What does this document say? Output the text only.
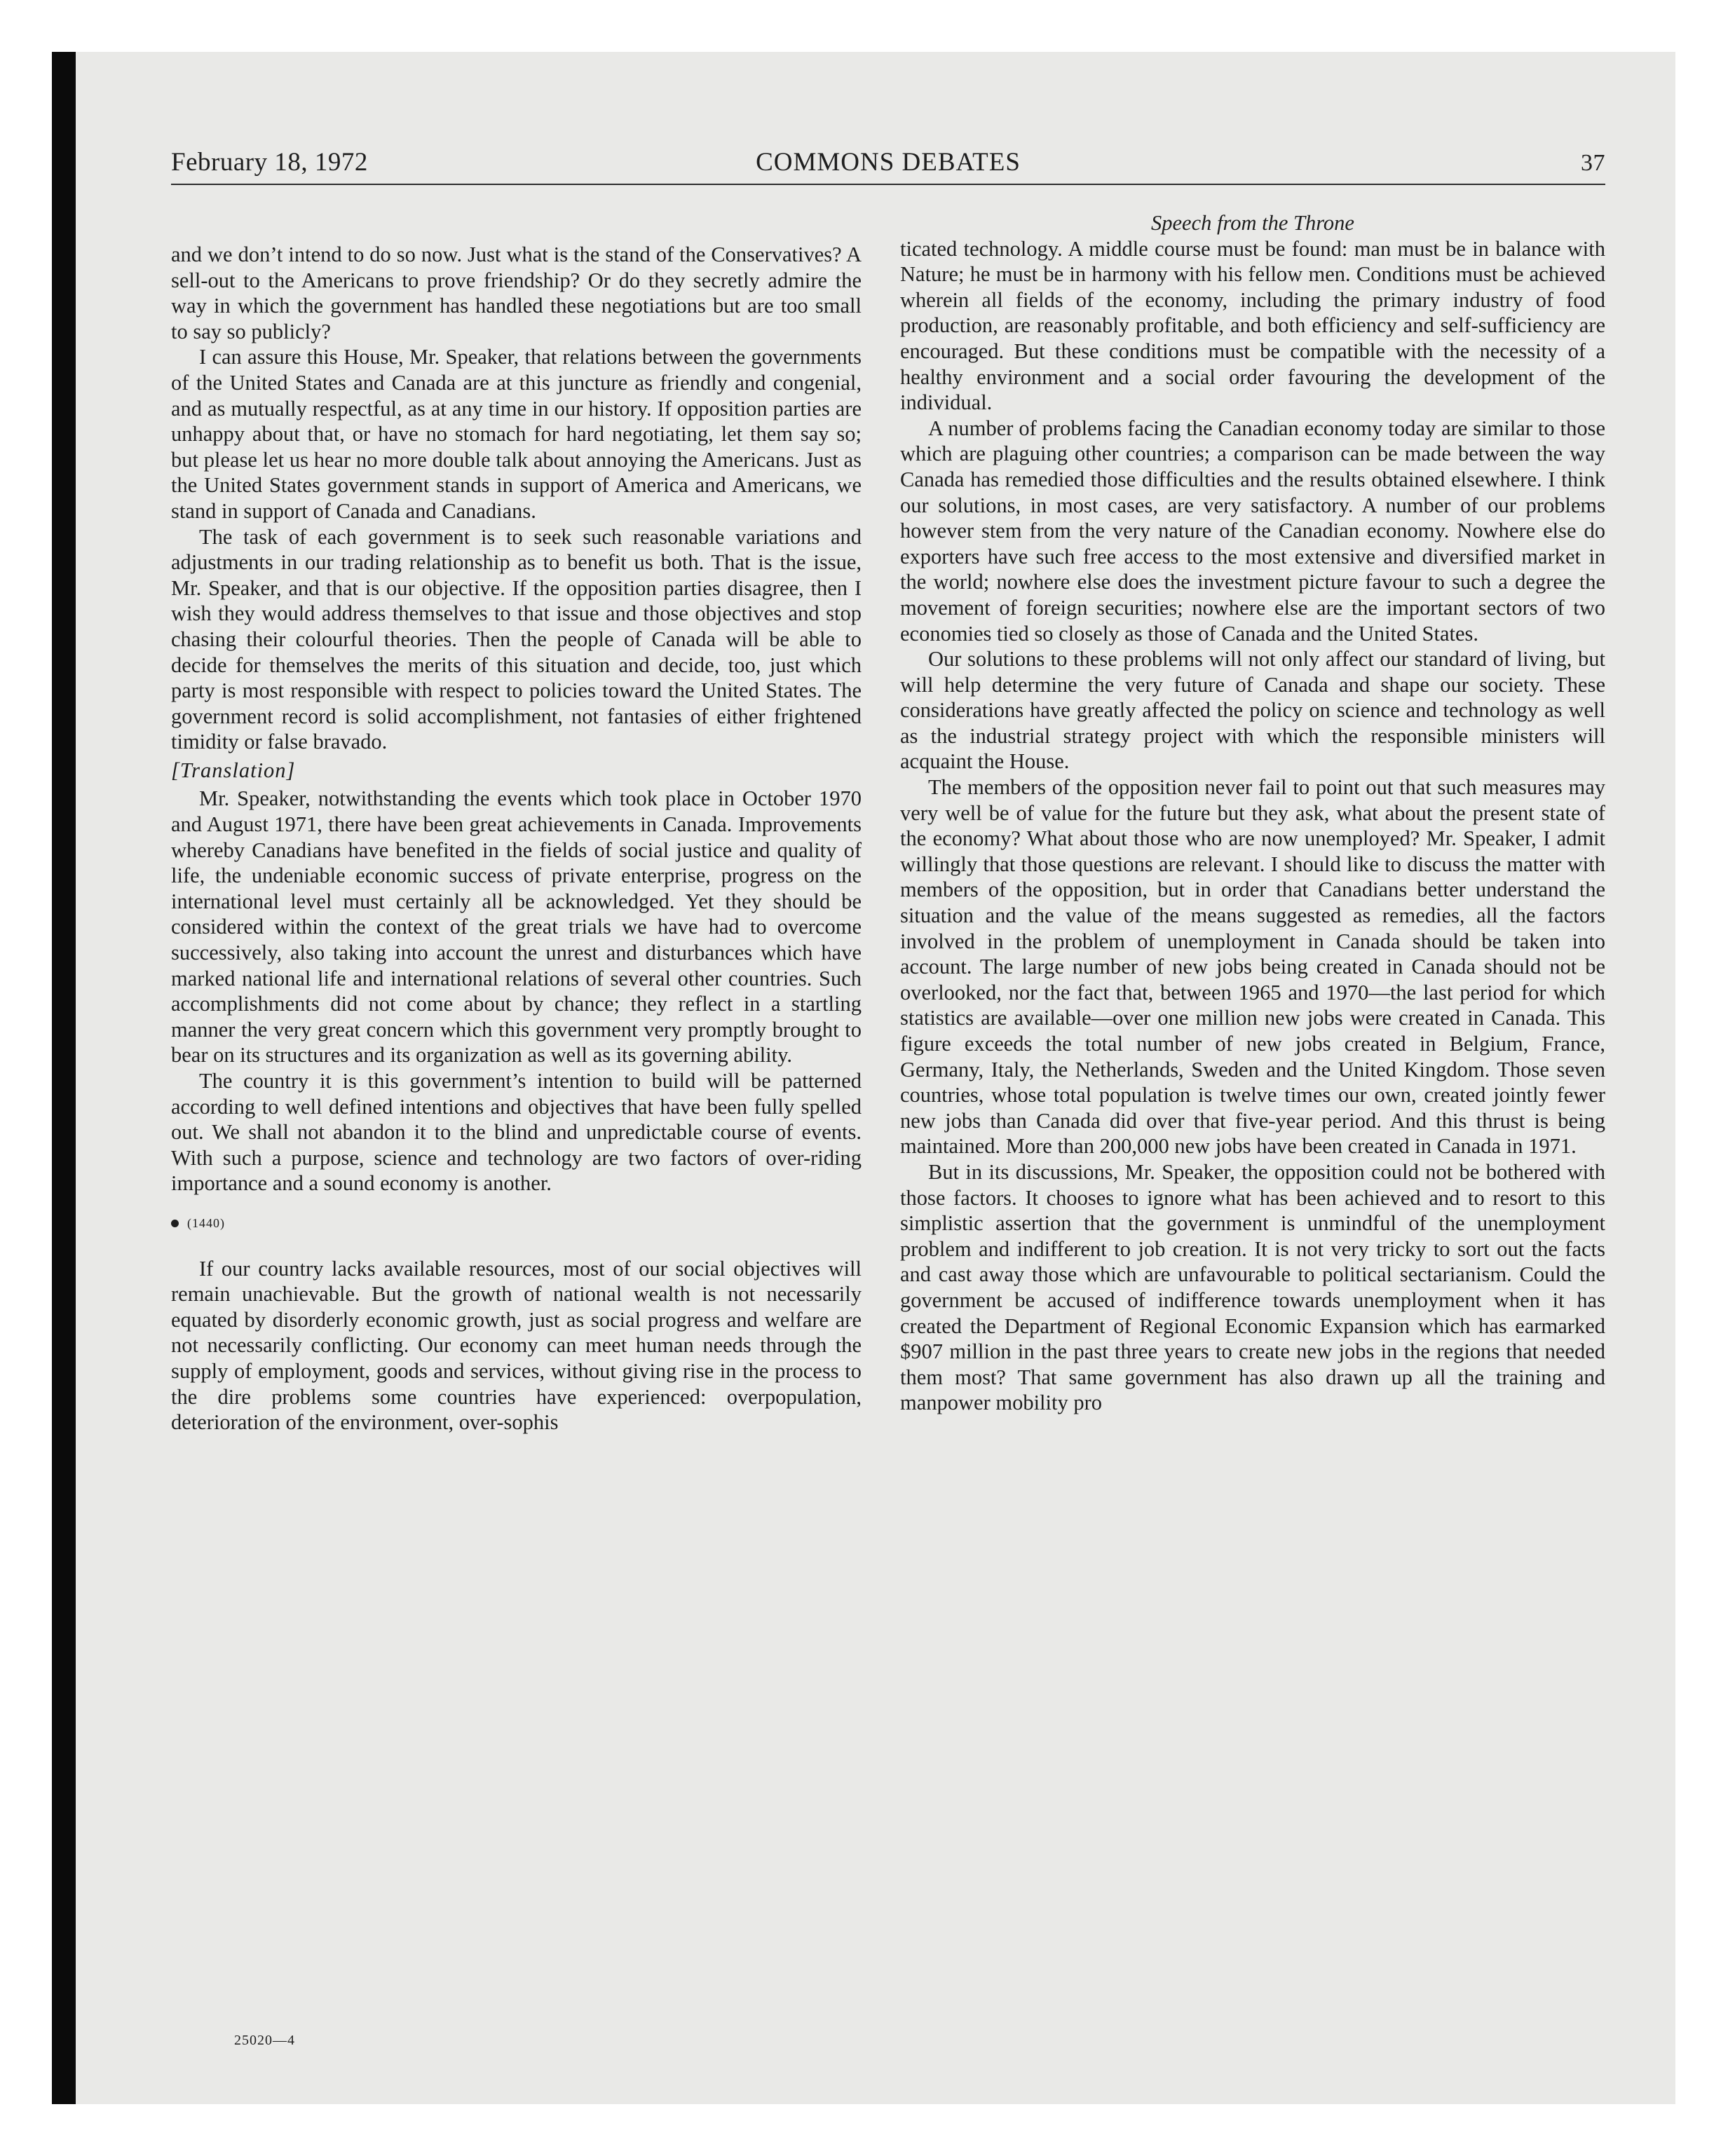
February 18, 1972	COMMONS DEBATES	37

and we don’t intend to do so now. Just what is the stand of the Conservatives? A sell-out to the Americans to prove friendship? Or do they secretly admire the way in which the government has handled these negotiations but are too small to say so publicly?

I can assure this House, Mr. Speaker, that relations between the governments of the United States and Canada are at this juncture as friendly and congenial, and as mutually respectful, as at any time in our history. If opposition parties are unhappy about that, or have no stomach for hard negotiating, let them say so; but please let us hear no more double talk about annoying the Americans. Just as the United States government stands in support of America and Americans, we stand in support of Canada and Canadians.

The task of each government is to seek such reasonable variations and adjustments in our trading relationship as to benefit us both. That is the issue, Mr. Speaker, and that is our objective. If the opposition parties disagree, then I wish they would address themselves to that issue and those objectives and stop chasing their colourful theories. Then the people of Canada will be able to decide for themselves the merits of this situation and decide, too, just which party is most responsible with respect to policies toward the United States. The government record is solid accomplishment, not fantasies of either frightened timidity or false bravado.

[Translation]

Mr. Speaker, notwithstanding the events which took place in October 1970 and August 1971, there have been great achievements in Canada. Improvements whereby Canadians have benefited in the fields of social justice and quality of life, the undeniable economic success of private enterprise, progress on the international level must certainly all be acknowledged. Yet they should be considered within the context of the great trials we have had to overcome successively, also taking into account the unrest and disturbances which have marked national life and international relations of several other countries. Such accomplishments did not come about by chance; they reflect in a startling manner the very great concern which this government very promptly brought to bear on its structures and its organization as well as its governing ability.

The country it is this government’s intention to build will be patterned according to well defined intentions and objectives that have been fully spelled out. We shall not abandon it to the blind and unpredictable course of events. With such a purpose, science and technology are two factors of over-riding importance and a sound economy is another.

(1440)

If our country lacks available resources, most of our social objectives will remain unachievable. But the growth of national wealth is not necessarily equated by disorderly economic growth, just as social progress and welfare are not necessarily conflicting. Our economy can meet human needs through the supply of employment, goods and services, without giving rise in the process to the dire problems some countries have experienced: overpopulation, deterioration of the environment, over-sophis

Speech from the Throne

ticated technology. A middle course must be found: man must be in balance with Nature; he must be in harmony with his fellow men. Conditions must be achieved wherein all fields of the economy, including the primary industry of food production, are reasonably profitable, and both efficiency and self-sufficiency are encouraged. But these conditions must be compatible with the necessity of a healthy environment and a social order favouring the development of the individual.

A number of problems facing the Canadian economy today are similar to those which are plaguing other countries; a comparison can be made between the way Canada has remedied those difficulties and the results obtained elsewhere. I think our solutions, in most cases, are very satisfactory. A number of our problems however stem from the very nature of the Canadian economy. Nowhere else do exporters have such free access to the most extensive and diversified market in the world; nowhere else does the investment picture favour to such a degree the movement of foreign securities; nowhere else are the important sectors of two economies tied so closely as those of Canada and the United States.

Our solutions to these problems will not only affect our standard of living, but will help determine the very future of Canada and shape our society. These considerations have greatly affected the policy on science and technology as well as the industrial strategy project with which the responsible ministers will acquaint the House.

The members of the opposition never fail to point out that such measures may very well be of value for the future but they ask, what about the present state of the economy? What about those who are now unemployed? Mr. Speaker, I admit willingly that those questions are relevant. I should like to discuss the matter with members of the opposition, but in order that Canadians better understand the situation and the value of the means suggested as remedies, all the factors involved in the problem of unemployment in Canada should be taken into account. The large number of new jobs being created in Canada should not be overlooked, nor the fact that, between 1965 and 1970—the last period for which statistics are available—over one million new jobs were created in Canada. This figure exceeds the total number of new jobs created in Belgium, France, Germany, Italy, the Netherlands, Sweden and the United Kingdom. Those seven countries, whose total population is twelve times our own, created jointly fewer new jobs than Canada did over that five-year period. And this thrust is being maintained. More than 200,000 new jobs have been created in Canada in 1971.

But in its discussions, Mr. Speaker, the opposition could not be bothered with those factors. It chooses to ignore what has been achieved and to resort to this simplistic assertion that the government is unmindful of the unemployment problem and indifferent to job creation. It is not very tricky to sort out the facts and cast away those which are unfavourable to political sectarianism. Could the government be accused of indifference towards unemployment when it has created the Department of Regional Economic Expansion which has earmarked $907 million in the past three years to create new jobs in the regions that needed them most? That same government has also drawn up all the training and manpower mobility pro

25020—4
